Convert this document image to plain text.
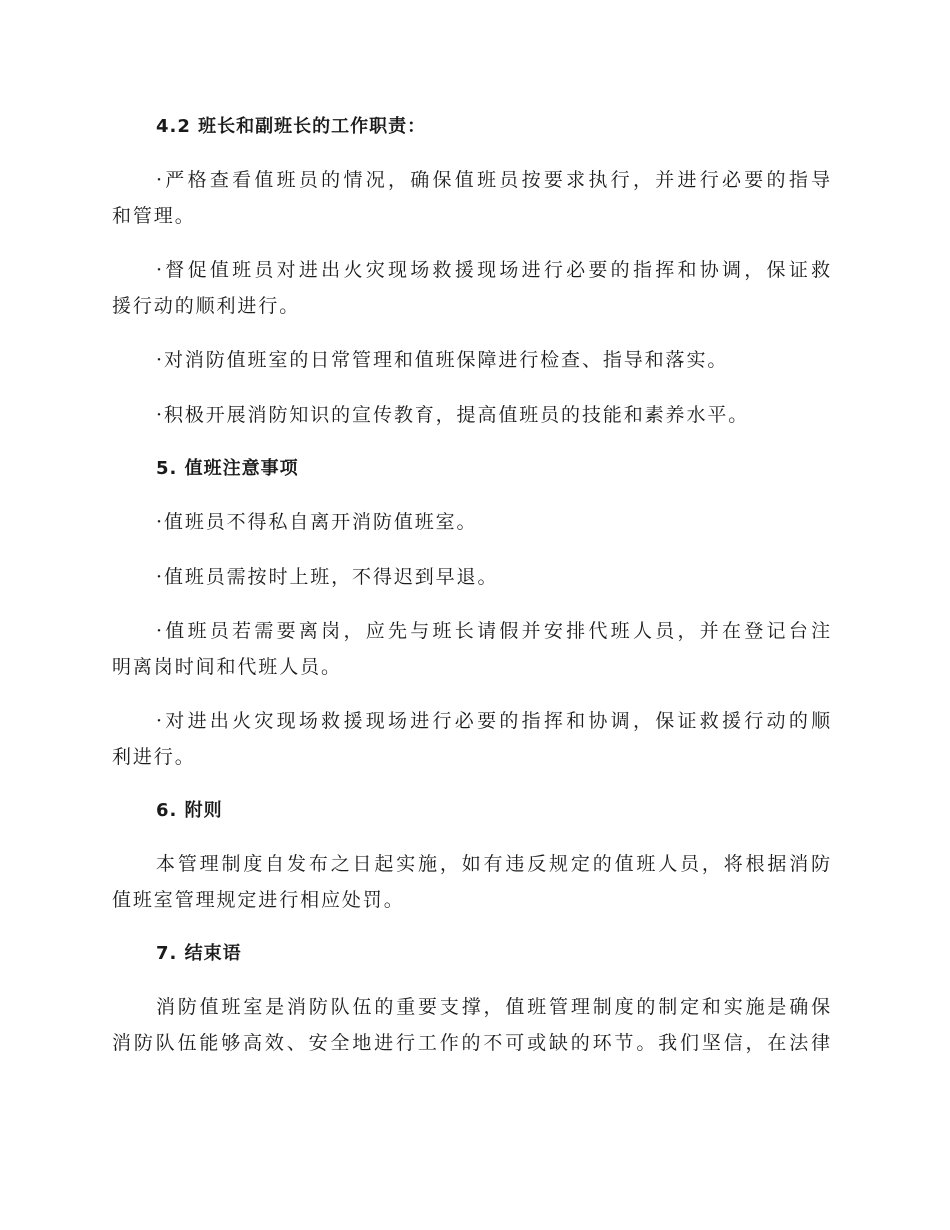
4.2 班长和副班长的工作职责：
·严格查看值班员的情况，确保值班员按要求执行，并进行必要的指导
和管理。
·督促值班员对进出火灾现场救援现场进行必要的指挥和协调，保证救
援行动的顺利进行。
·对消防值班室的日常管理和值班保障进行检查、指导和落实。
·积极开展消防知识的宣传教育，提高值班员的技能和素养水平。
5. 值班注意事项
·值班员不得私自离开消防值班室。
·值班员需按时上班，不得迟到早退。
·值班员若需要离岗，应先与班长请假并安排代班人员，并在登记台注
明离岗时间和代班人员。
·对进出火灾现场救援现场进行必要的指挥和协调，保证救援行动的顺
利进行。
6. 附则
本管理制度自发布之日起实施，如有违反规定的值班人员，将根据消防
值班室管理规定进行相应处罚。
7. 结束语
消防值班室是消防队伍的重要支撑，值班管理制度的制定和实施是确保
消防队伍能够高效、安全地进行工作的不可或缺的环节。我们坚信，在法律
